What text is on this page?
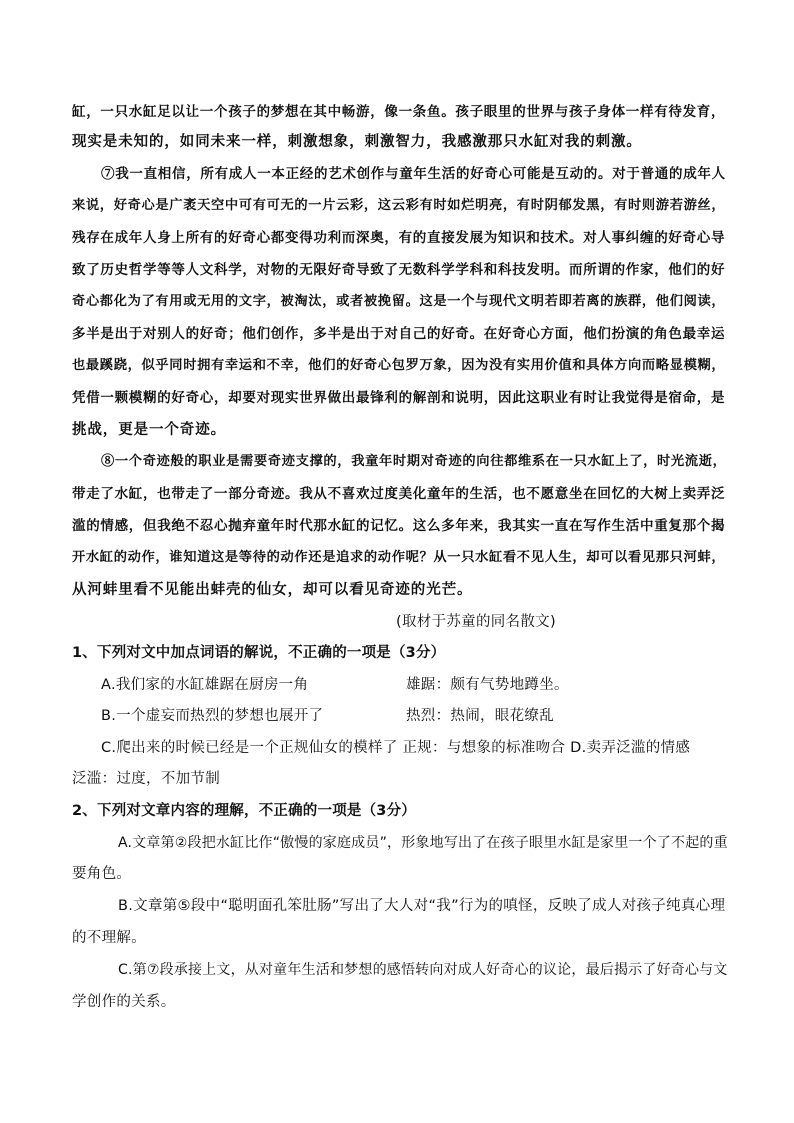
缸，一只水缸足以让一个孩子的梦想在其中畅游，像一条鱼。孩子眼里的世界与孩子身体一样有待发育，
现实是未知的，如同未来一样，刺激想象，刺激智力，我感激那只水缸对我的刺激。
⑦我一直相信，所有成人一本正经的艺术创作与童年生活的好奇心可能是互动的。对于普通的成年人
来说，好奇心是广袤天空中可有可无的一片云彩，这云彩有时如烂明亮，有时阴郁发黑，有时则游若游丝，
残存在成年人身上所有的好奇心都变得功利而深奥，有的直接发展为知识和技术。对人事纠缠的好奇心导
致了历史哲学等等人文科学，对物的无限好奇导致了无数科学学科和科技发明。而所谓的作家，他们的好
奇心都化为了有用或无用的文字，被淘汰，或者被挽留。这是一个与现代文明若即若离的族群，他们阅读，
多半是出于对别人的好奇；他们创作，多半是出于对自己的好奇。在好奇心方面，他们扮演的角色最幸运
也最蹊跷，似乎同时拥有幸运和不幸，他们的好奇心包罗万象，因为没有实用价值和具体方向而略显模糊，
凭借一颗模糊的好奇心，却要对现实世界做出最锋利的解剖和说明，因此这职业有时让我觉得是宿命，是
挑战，更是一个奇迹。
⑧一个奇迹般的职业是需要奇迹支撑的，我童年时期对奇迹的向往都维系在一只水缸上了，时光流逝，
带走了水缸，也带走了一部分奇迹。我从不喜欢过度美化童年的生活，也不愿意坐在回忆的大树上卖弄泛
滥的情感，但我绝不忍心抛弃童年时代那水缸的记忆。这么多年来，我其实一直在写作生活中重复那个揭
开水缸的动作，谁知道这是等待的动作还是追求的动作呢？从一只水缸看不见人生，却可以看见那只河蚌，
从河蚌里看不见能出蚌壳的仙女，却可以看见奇迹的光芒。
(取材于苏童的同名散文)
1、下列对文中加点词语的解说，不正确的一项是（3分）
A.我们家的水缸雄踞在厨房一角	雄踞：颇有气势地蹲坐。
B.一个虚妄而热烈的梦想也展开了	热烈：热闹，眼花缭乱
C.爬出来的时候已经是一个正规仙女的模样了 正规：与想象的标准吻合 D.卖弄泛滥的情感
泛滥：过度，不加节制
2、下列对文章内容的理解，不正确的一项是（3分）
A.文章第②段把水缸比作“傲慢的家庭成员”，形象地写出了在孩子眼里水缸是家里一个了不起的重
要角色。
B.文章第⑤段中“聪明面孔笨肚肠”写出了大人对“我”行为的嗔怪，反映了成人对孩子纯真心理
的不理解。
C.第⑦段承接上文，从对童年生活和梦想的感悟转向对成人好奇心的议论，最后揭示了好奇心与文
学创作的关系。
